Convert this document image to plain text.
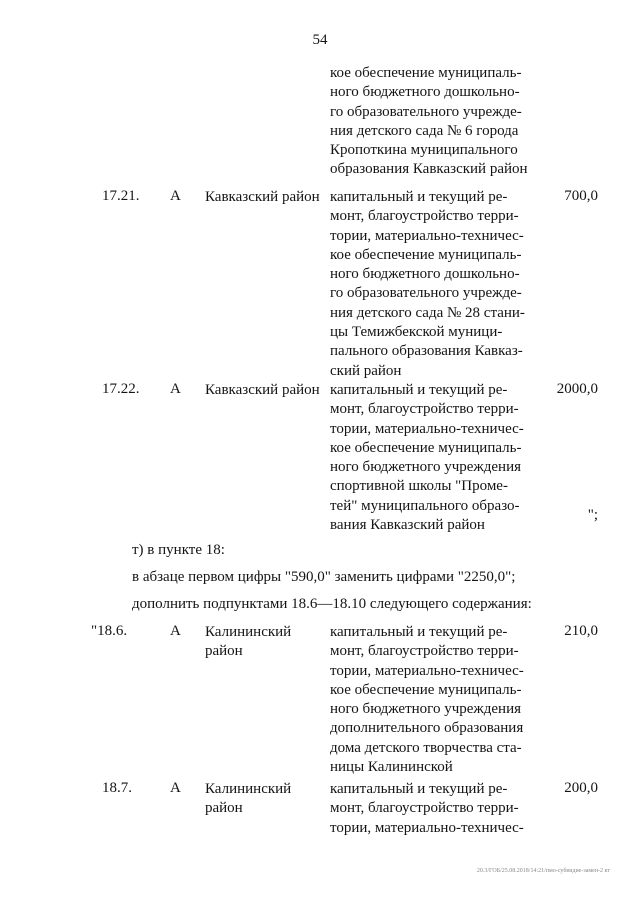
54
кое обеспечение муниципаль-
ного бюджетного дошкольно-
го образовательного учрежде-
ния детского сада № 6 города
Кропоткина муниципального
образования Кавказский район
17.21. А Кавказский район капитальный и текущий ре-
монт, благоустройство терри-
тории, материально-техничес-
кое обеспечение муниципаль-
ного бюджетного дошкольно-
го образовательного учрежде-
ния детского сада № 28 стани-
цы Темижбекской муници-
пального образования Кавказ-
ский район
700,0
17.22. А Кавказский район капитальный и текущий ре-
монт, благоустройство терри-
тории, материально-техничес-
кое обеспечение муниципаль-
ного бюджетного учреждения
спортивной школы "Проме-
тей" муниципального образо-
вания Кавказский район
2000,0
";
т) в пункте 18:
в абзаце первом цифры "590,0" заменить цифрами "2250,0";
дополнить подпунктами 18.6—18.10 следующего содержания:
"18.6.	А Калининский
район
капитальный и текущий ре-
монт, благоустройство терри-
тории, материально-техничес-
кое обеспечение муниципаль-
ного бюджетного учреждения
дополнительного образования
дома детского творчества ста-
ницы Калининской
210,0
18.7.	А Калининский
район
капитальный и текущий ре-
монт, благоустройство терри-
тории, материально-техничес-
200,0
20.3/ГОБ/25.08.2018/14:21/пмо-субвидие-замен-2 кт
